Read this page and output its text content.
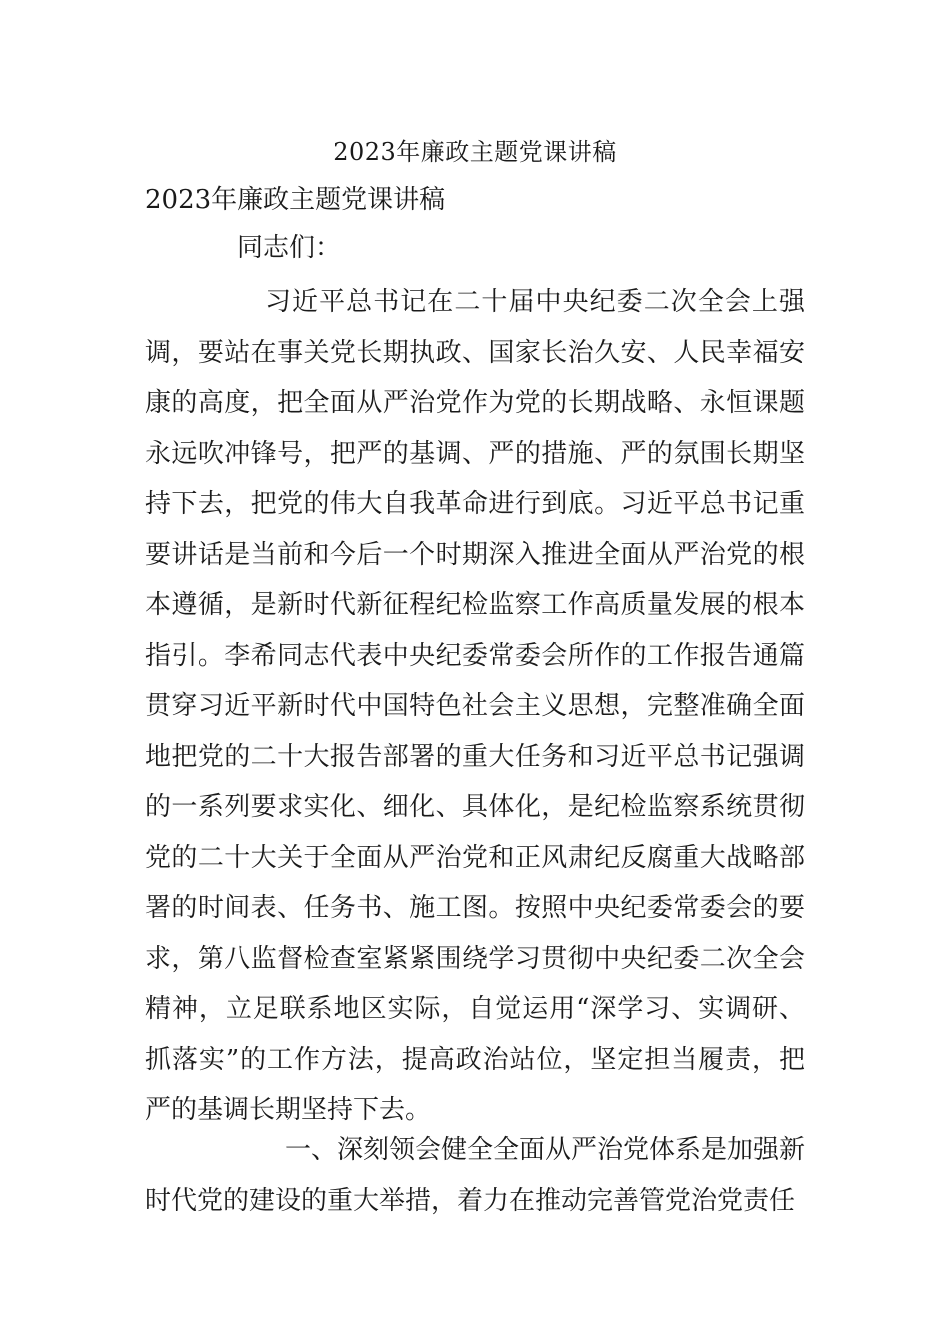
2023年廉政主题党课讲稿
2023年廉政主题党课讲稿
同志们：

习近平总书记在二十届中央纪委二次全会上强调，要站在事关党长期执政、国家长治久安、人民幸福安康的高度，把全面从严治党作为党的长期战略、永恒课题永远吹冲锋号，把严的基调、严的措施、严的氛围长期坚持下去，把党的伟大自我革命进行到底。习近平总书记重要讲话是当前和今后一个时期深入推进全面从严治党的根本遵循，是新时代新征程纪检监察工作高质量发展的根本指引。李希同志代表中央纪委常委会所作的工作报告通篇贯穿习近平新时代中国特色社会主义思想，完整准确全面地把党的二十大报告部署的重大任务和习近平总书记强调的一系列要求实化、细化、具体化，是纪检监察系统贯彻党的二十大关于全面从严治党和正风肃纪反腐重大战略部署的时间表、任务书、施工图。按照中央纪委常委会的要求，第八监督检查室紧紧围绕学习贯彻中央纪委二次全会精神，立足联系地区实际，自觉运用“深学习、实调研、抓落实”的工作方法，提高政治站位，坚定担当履责，把严的基调长期坚持下去。

一、深刻领会健全全面从严治党体系是加强新时代党的建设的重大举措，着力在推动完善管党治党责任
